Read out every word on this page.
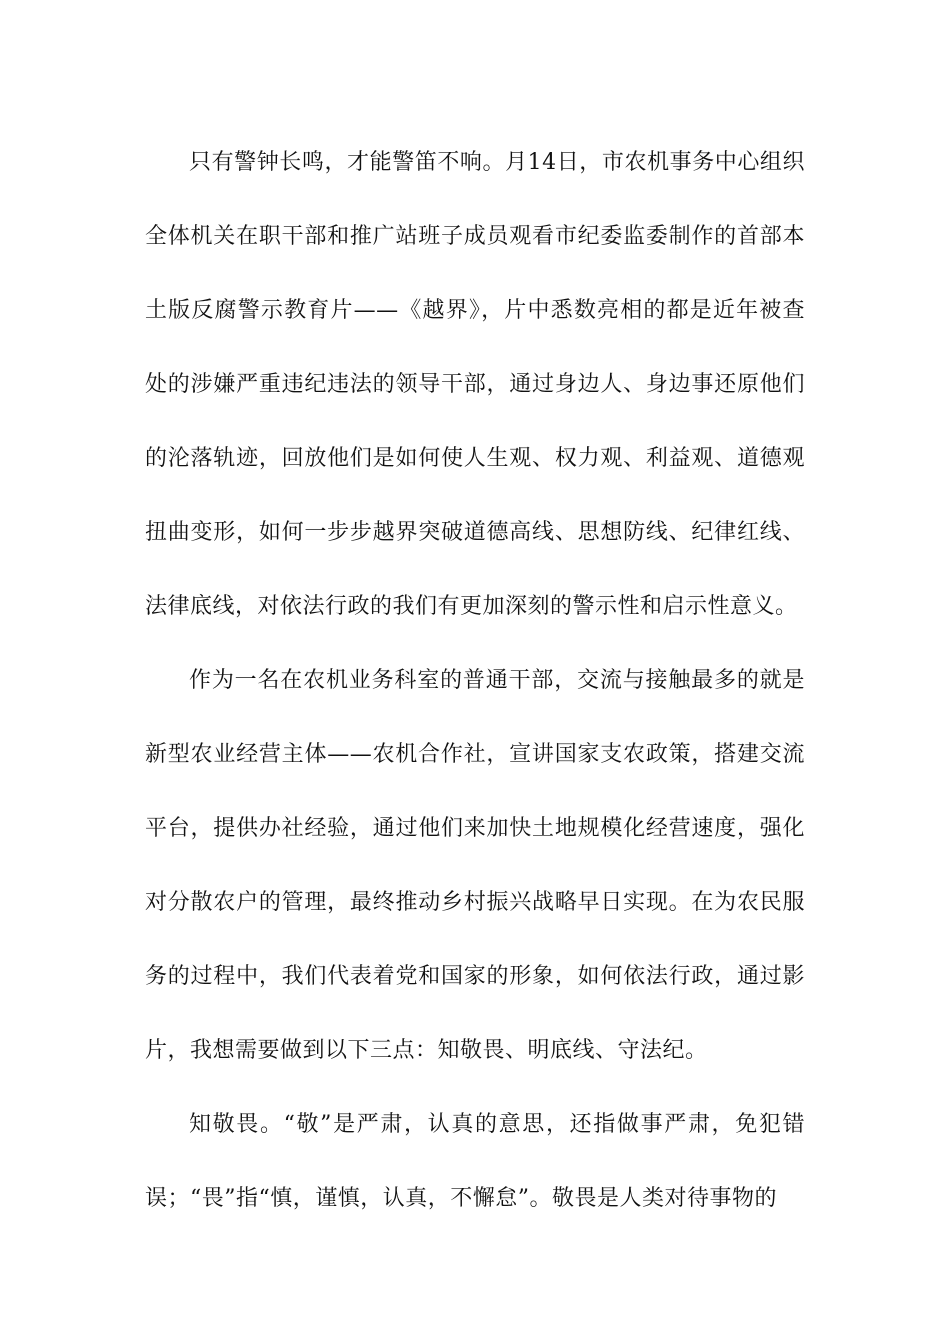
只有警钟长鸣，才能警笛不响。月14日，市农机事务中心组织全体机关在职干部和推广站班子成员观看市纪委监委制作的首部本土版反腐警示教育片——《越界》，片中悉数亮相的都是近年被查处的涉嫌严重违纪违法的领导干部，通过身边人、身边事还原他们的沦落轨迹，回放他们是如何使人生观、权力观、利益观、道德观扭曲变形，如何一步步越界突破道德高线、思想防线、纪律红线、法律底线，对依法行政的我们有更加深刻的警示性和启示性意义。

作为一名在农机业务科室的普通干部，交流与接触最多的就是新型农业经营主体——农机合作社，宣讲国家支农政策，搭建交流平台，提供办社经验，通过他们来加快土地规模化经营速度，强化对分散农户的管理，最终推动乡村振兴战略早日实现。在为农民服务的过程中，我们代表着党和国家的形象，如何依法行政，通过影片，我想需要做到以下三点：知敬畏、明底线、守法纪。

知敬畏。“敬”是严肃，认真的意思，还指做事严肃，免犯错误；“畏”指“慎，谨慎，认真，不懈怠”。敬畏是人类对待事物的
